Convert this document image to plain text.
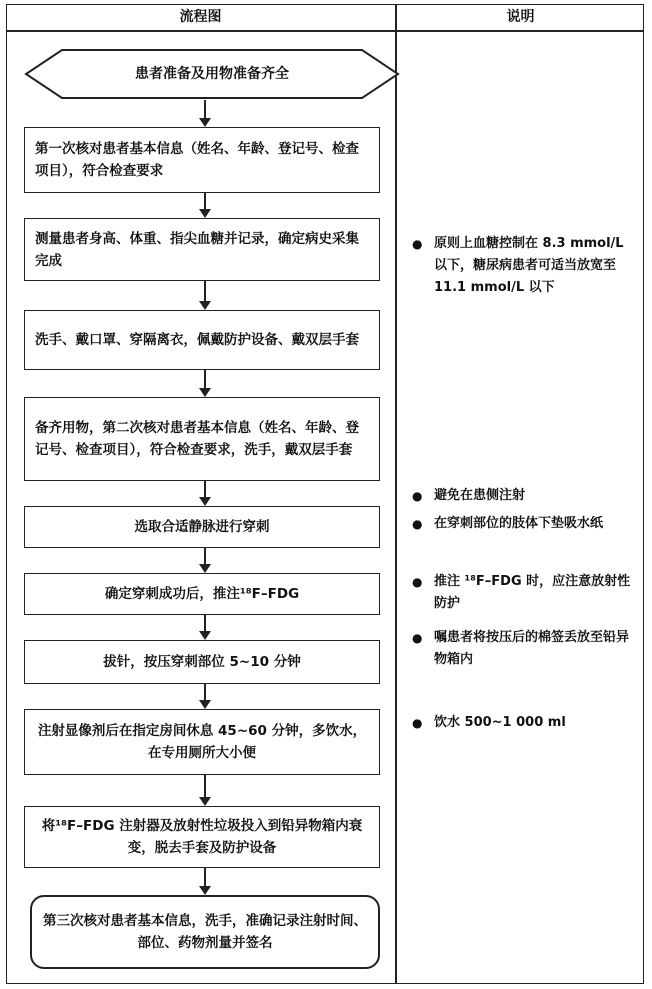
流程图	说明
患者准备及用物准备齐全
第一次核对患者基本信息（姓名、年龄、登记号、检查项目），符合检查要求
测量患者身高、体重、指尖血糖并记录，确定病史采集完成
洗手、戴口罩、穿隔离衣，佩戴防护设备、戴双层手套
备齐用物，第二次核对患者基本信息（姓名、年龄、登记号、检查项目），符合检查要求，洗手，戴双层手套
选取合适静脉进行穿刺
确定穿刺成功后，推注¹⁸F–FDG
拔针，按压穿刺部位 5~10 分钟
注射显像剂后在指定房间休息 45~60 分钟，多饮水，在专用厕所大小便
将¹⁸F–FDG 注射器及放射性垃圾投入到铅异物箱内衰变，脱去手套及防护设备
第三次核对患者基本信息，洗手，准确记录注射时间、部位、药物剂量并签名
● 原则上血糖控制在 8.3 mmol/L 以下，糖尿病患者可适当放宽至 11.1 mmol/L 以下
● 避免在患侧注射
● 在穿刺部位的肢体下垫吸水纸
● 推注 ¹⁸F–FDG 时，应注意放射性防护
● 嘱患者将按压后的棉签丢放至铅异物箱内
● 饮水 500~1 000 ml
